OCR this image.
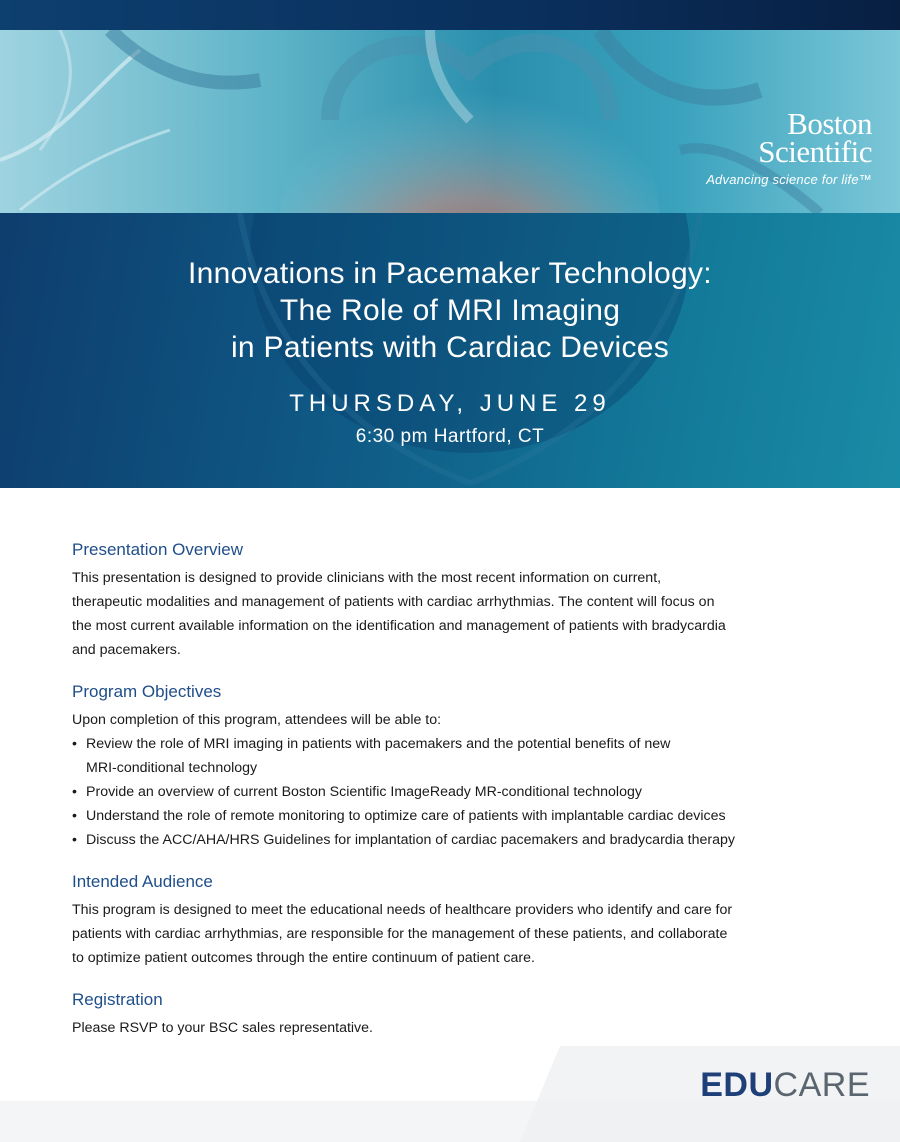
Boston
Scientific
Advancing science for life™
Innovations in Pacemaker Technology:
The Role of MRI Imaging
in Patients with Cardiac Devices
THURSDAY, JUNE 29
6:30 pm Hartford, CT
Presentation Overview

This presentation is designed to provide clinicians with the most recent information on current,

therapeutic modalities and management of patients with cardiac arrhythmias. The content will focus on

the most current available information on the identification and management of patients with bradycardia

and pacemakers.

Program Objectives

Upon completion of this program, attendees will be able to:

• Review the role of MRI imaging in patients with pacemakers and the potential benefits of new
MRI-conditional technology
• Provide an overview of current Boston Scientific ImageReady MR-conditional technology
• Understand the role of remote monitoring to optimize care of patients with implantable cardiac devices
• Discuss the ACC/AHA/HRS Guidelines for implantation of cardiac pacemakers and bradycardia therapy
Intended Audience

This program is designed to meet the educational needs of healthcare providers who identify and care for

patients with cardiac arrhythmias, are responsible for the management of these patients, and collaborate

to optimize patient outcomes through the entire continuum of patient care.

Registration

Please RSVP to your BSC sales representative.

EDUCARE
